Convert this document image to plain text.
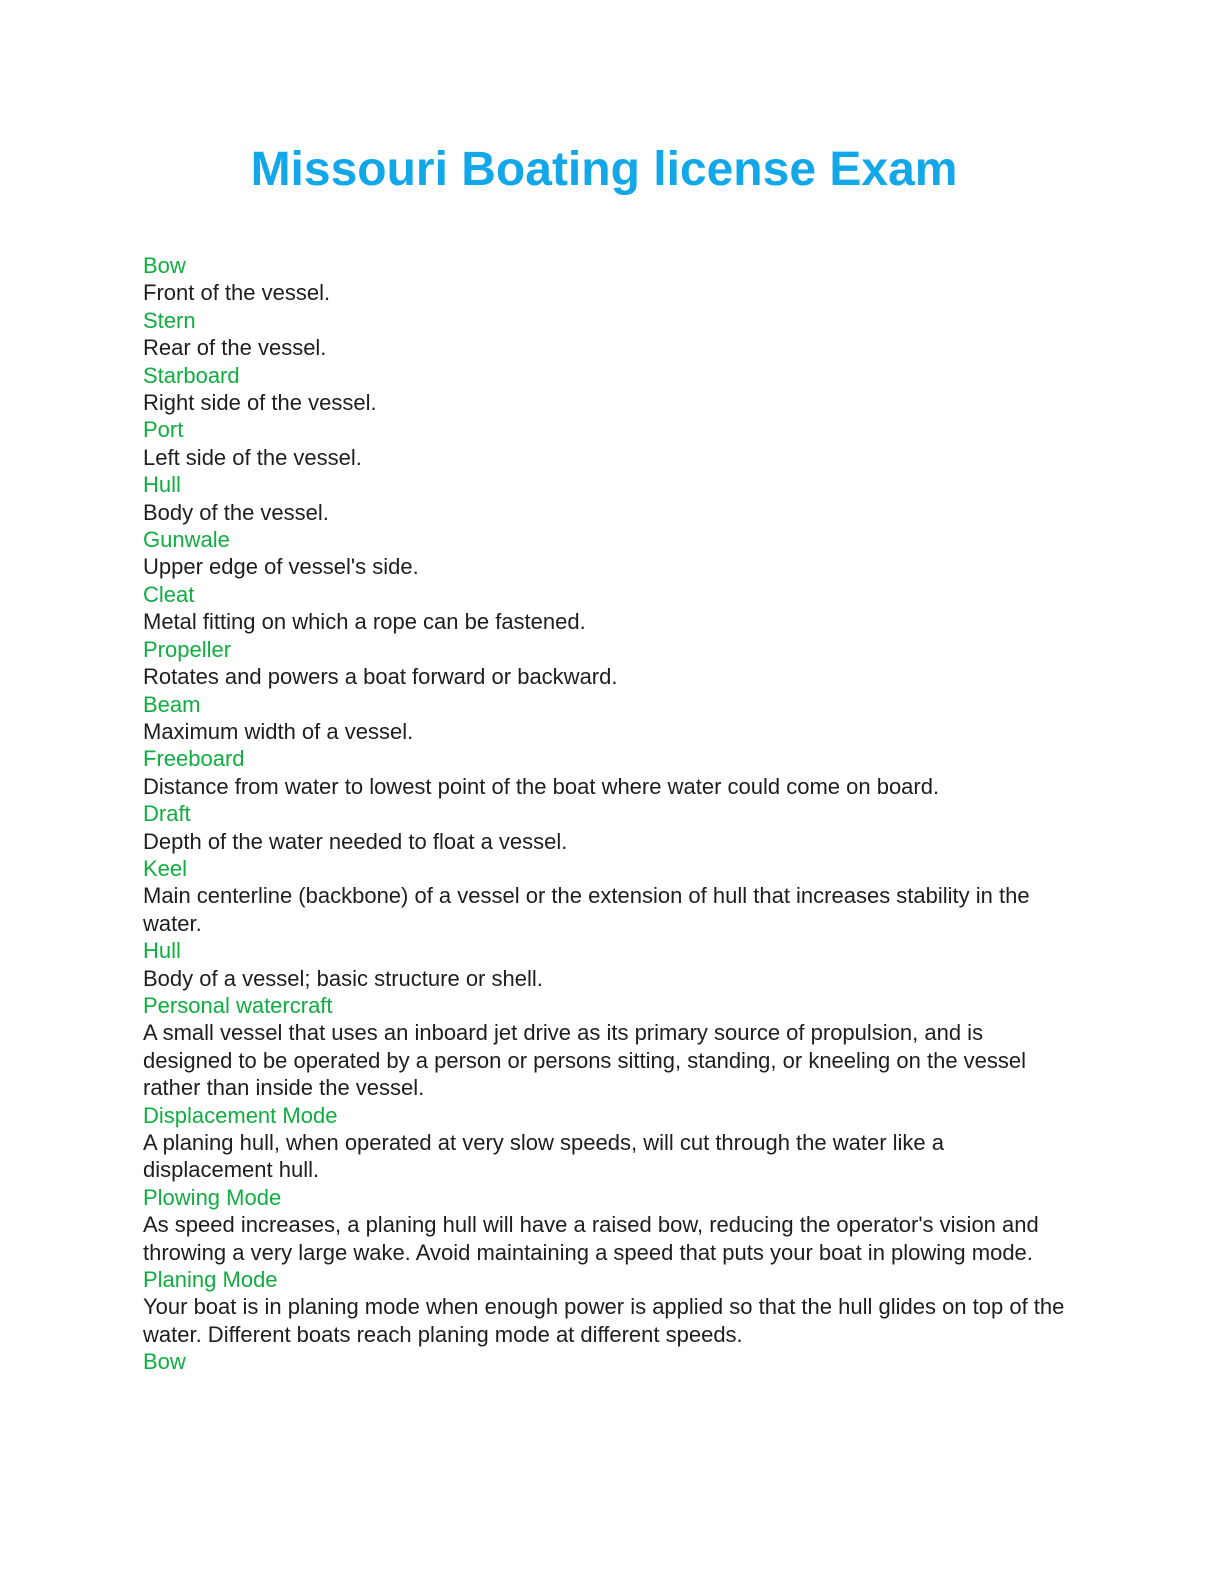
Missouri Boating license Exam
Bow
Front of the vessel.
Stern
Rear of the vessel.
Starboard
Right side of the vessel.
Port
Left side of the vessel.
Hull
Body of the vessel.
Gunwale
Upper edge of vessel's side.
Cleat
Metal fitting on which a rope can be fastened.
Propeller
Rotates and powers a boat forward or backward.
Beam
Maximum width of a vessel.
Freeboard
Distance from water to lowest point of the boat where water could come on board.
Draft
Depth of the water needed to float a vessel.
Keel
Main centerline (backbone) of a vessel or the extension of hull that increases stability in the water.
Hull
Body of a vessel; basic structure or shell.
Personal watercraft
A small vessel that uses an inboard jet drive as its primary source of propulsion, and is designed to be operated by a person or persons sitting, standing, or kneeling on the vessel rather than inside the vessel.
Displacement Mode
A planing hull, when operated at very slow speeds, will cut through the water like a displacement hull.
Plowing Mode
As speed increases, a planing hull will have a raised bow, reducing the operator's vision and throwing a very large wake. Avoid maintaining a speed that puts your boat in plowing mode.
Planing Mode
Your boat is in planing mode when enough power is applied so that the hull glides on top of the water. Different boats reach planing mode at different speeds.
Bow
